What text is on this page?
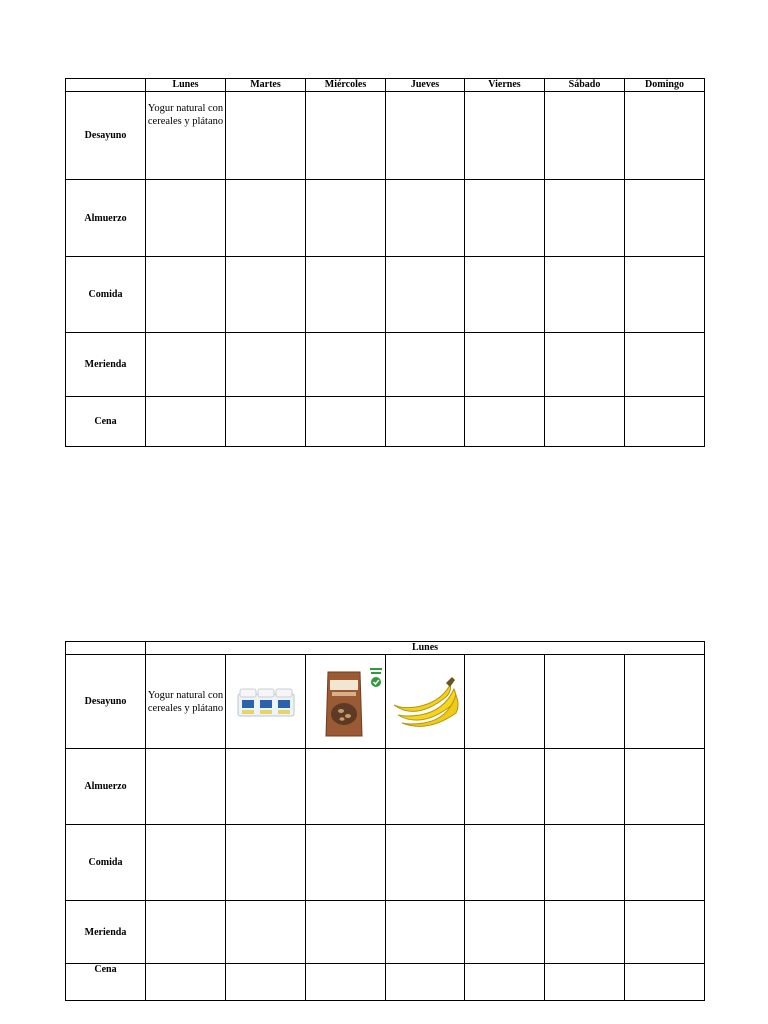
	Lunes	Martes	Miércoles	Jueves	Viernes	Sábado	Domingo
Desayuno	Yogur natural con cereales y plátano						
Almuerzo							
Comida							
Merienda							
Cena							
	Lunes						
Desayuno	Yogur natural con cereales y plátano	

Almuerzo							
Comida							
Merienda							
Cena							
